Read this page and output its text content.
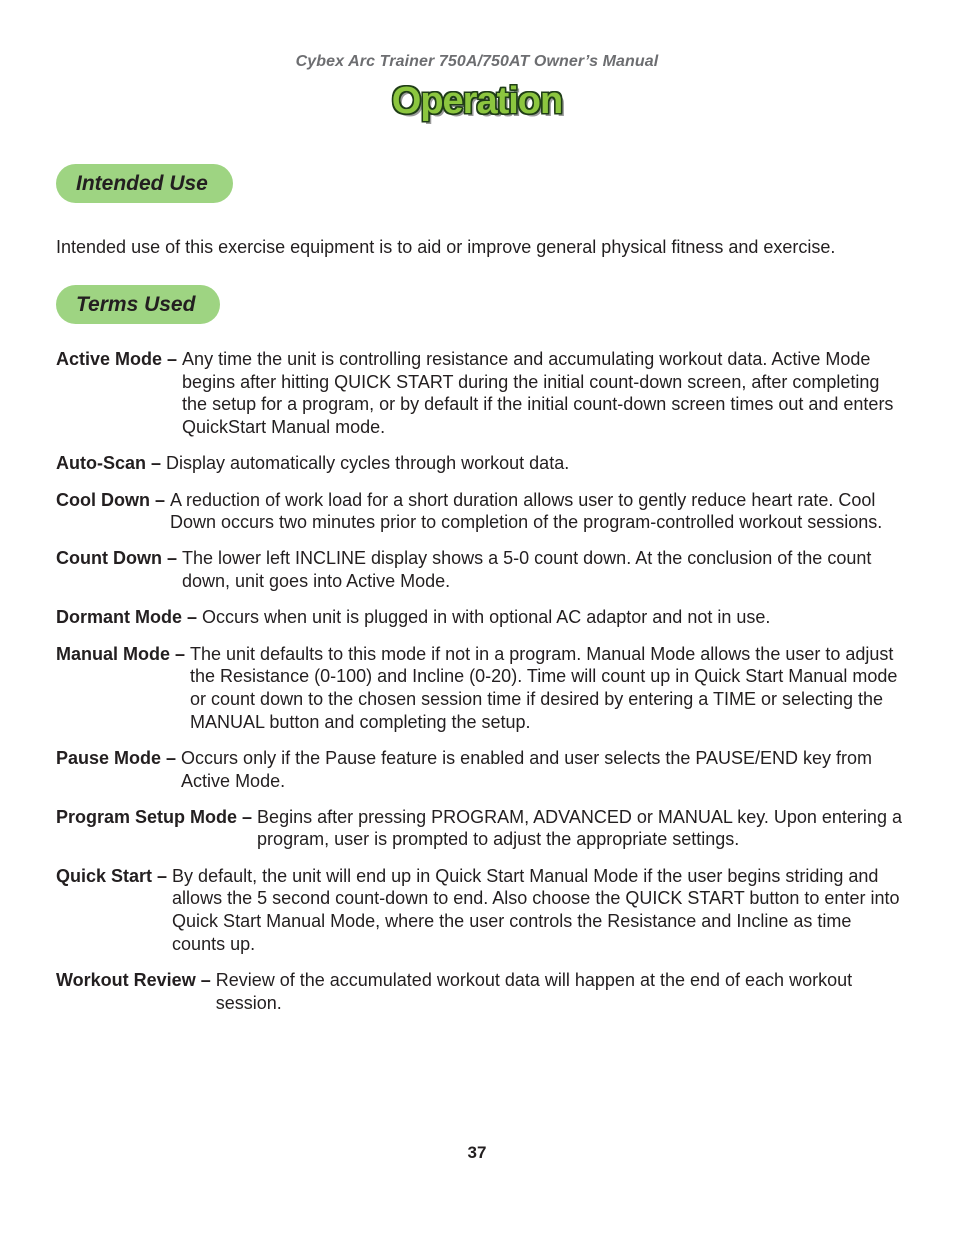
Cybex Arc Trainer 750A/750AT Owner’s Manual
Operation
Intended Use

Intended use of this exercise equipment is to aid or improve general physical fitness and exercise.

Terms Used
Active Mode – Any time the unit is controlling resistance and accumulating workout data. Active Mode begins after hitting QUICK START during the initial count-down screen, after completing the setup for a program, or by default if the initial count-down screen times out and enters QuickStart Manual mode.
Auto-Scan – Display automatically cycles through workout data.
Cool Down – A reduction of work load for a short duration allows user to gently reduce heart rate. Cool Down occurs two minutes prior to completion of the program-controlled workout sessions.
Count Down – The lower left INCLINE display shows a 5-0 count down. At the conclusion of the count down, unit goes into Active Mode.
Dormant Mode – Occurs when unit is plugged in with optional AC adaptor and not in use.
Manual Mode – The unit defaults to this mode if not in a program. Manual Mode allows the user to adjust the Resistance (0-100) and Incline (0-20). Time will count up in Quick Start Manual mode or count down to the chosen session time if desired by entering a TIME or selecting the MANUAL button and completing the setup.
Pause Mode – Occurs only if the Pause feature is enabled and user selects the PAUSE/END key from Active Mode.
Program Setup Mode – Begins after pressing PROGRAM, ADVANCED or MANUAL key. Upon entering a program, user is prompted to adjust the appropriate settings.
Quick Start – By default, the unit will end up in Quick Start Manual Mode if the user begins striding and allows the 5 second count-down to end. Also choose the QUICK START button to enter into Quick Start Manual Mode, where the user controls the Resistance and Incline as time counts up.
Workout Review – Review of the accumulated workout data will happen at the end of each workout session.
37
